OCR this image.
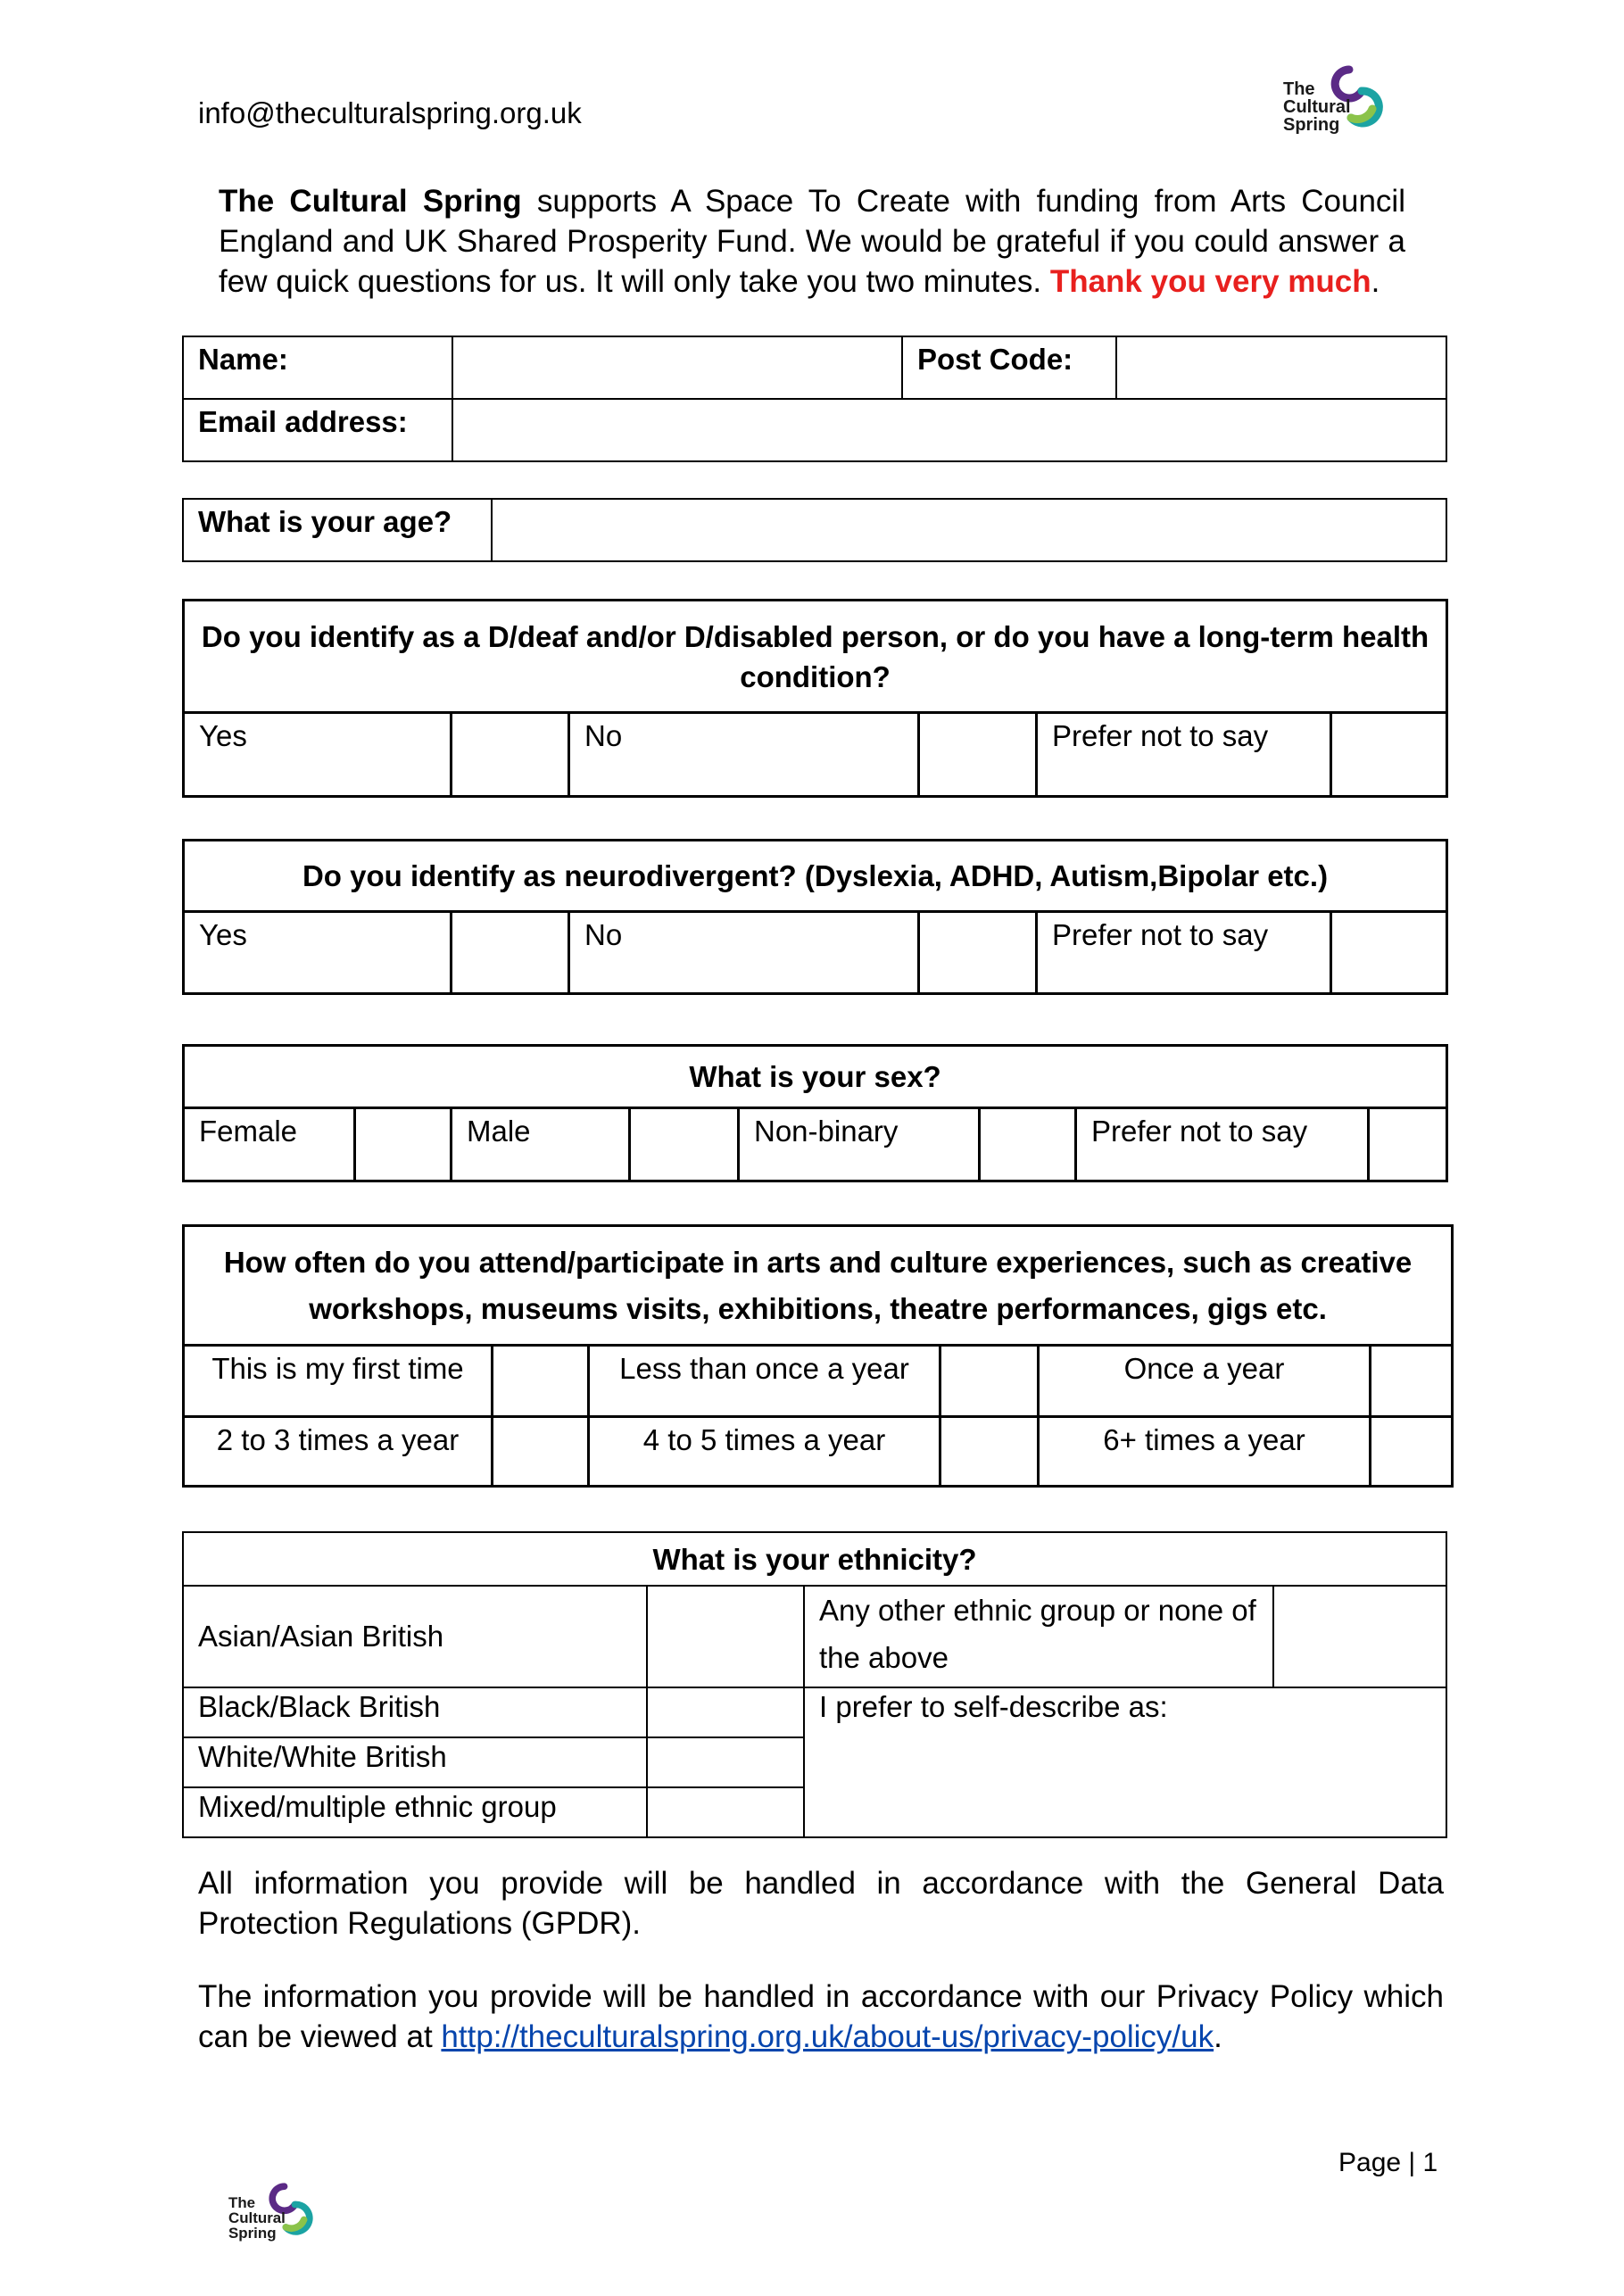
info@theculturalspring.org.uk
The
Cultural
Spring
The Cultural Spring supports A Space To Create with funding from Arts Council England and UK Shared Prosperity Fund. We would be grateful if you could answer a few quick questions for us. It will only take you two minutes. Thank you very much.
Name:		Post Code:	
Email address:			
What is your age?	
Do you identify as a D/deaf and/or D/disabled person, or do you have a long-term health condition?
Yes		No		Prefer not to say	
Do you identify as neurodivergent? (Dyslexia, ADHD, Autism,Bipolar etc.)
Yes		No		Prefer not to say	
What is your sex?
Female		Male		Non-binary		Prefer not to say	
How often do you attend/participate in arts and culture experiences, such as creative workshops, museums visits, exhibitions, theatre performances, gigs etc.					
This is my first time		Less than once a year		Once a year	
2 to 3 times a year		4 to 5 times a year		6+ times a year	
What is your ethnicity?			
Asian/Asian British		Any other ethnic group or none of the above	
Black/Black British		I prefer to self-describe as:	
White/White British			
Mixed/multiple ethnic group			
All information you provide will be handled in accordance with the General Data Protection Regulations (GPDR).
The information you provide will be handled in accordance with our Privacy Policy which can be viewed at http://theculturalspring.org.uk/about-us/privacy-policy/uk.
Page | 1
The
Cultural
Spring
